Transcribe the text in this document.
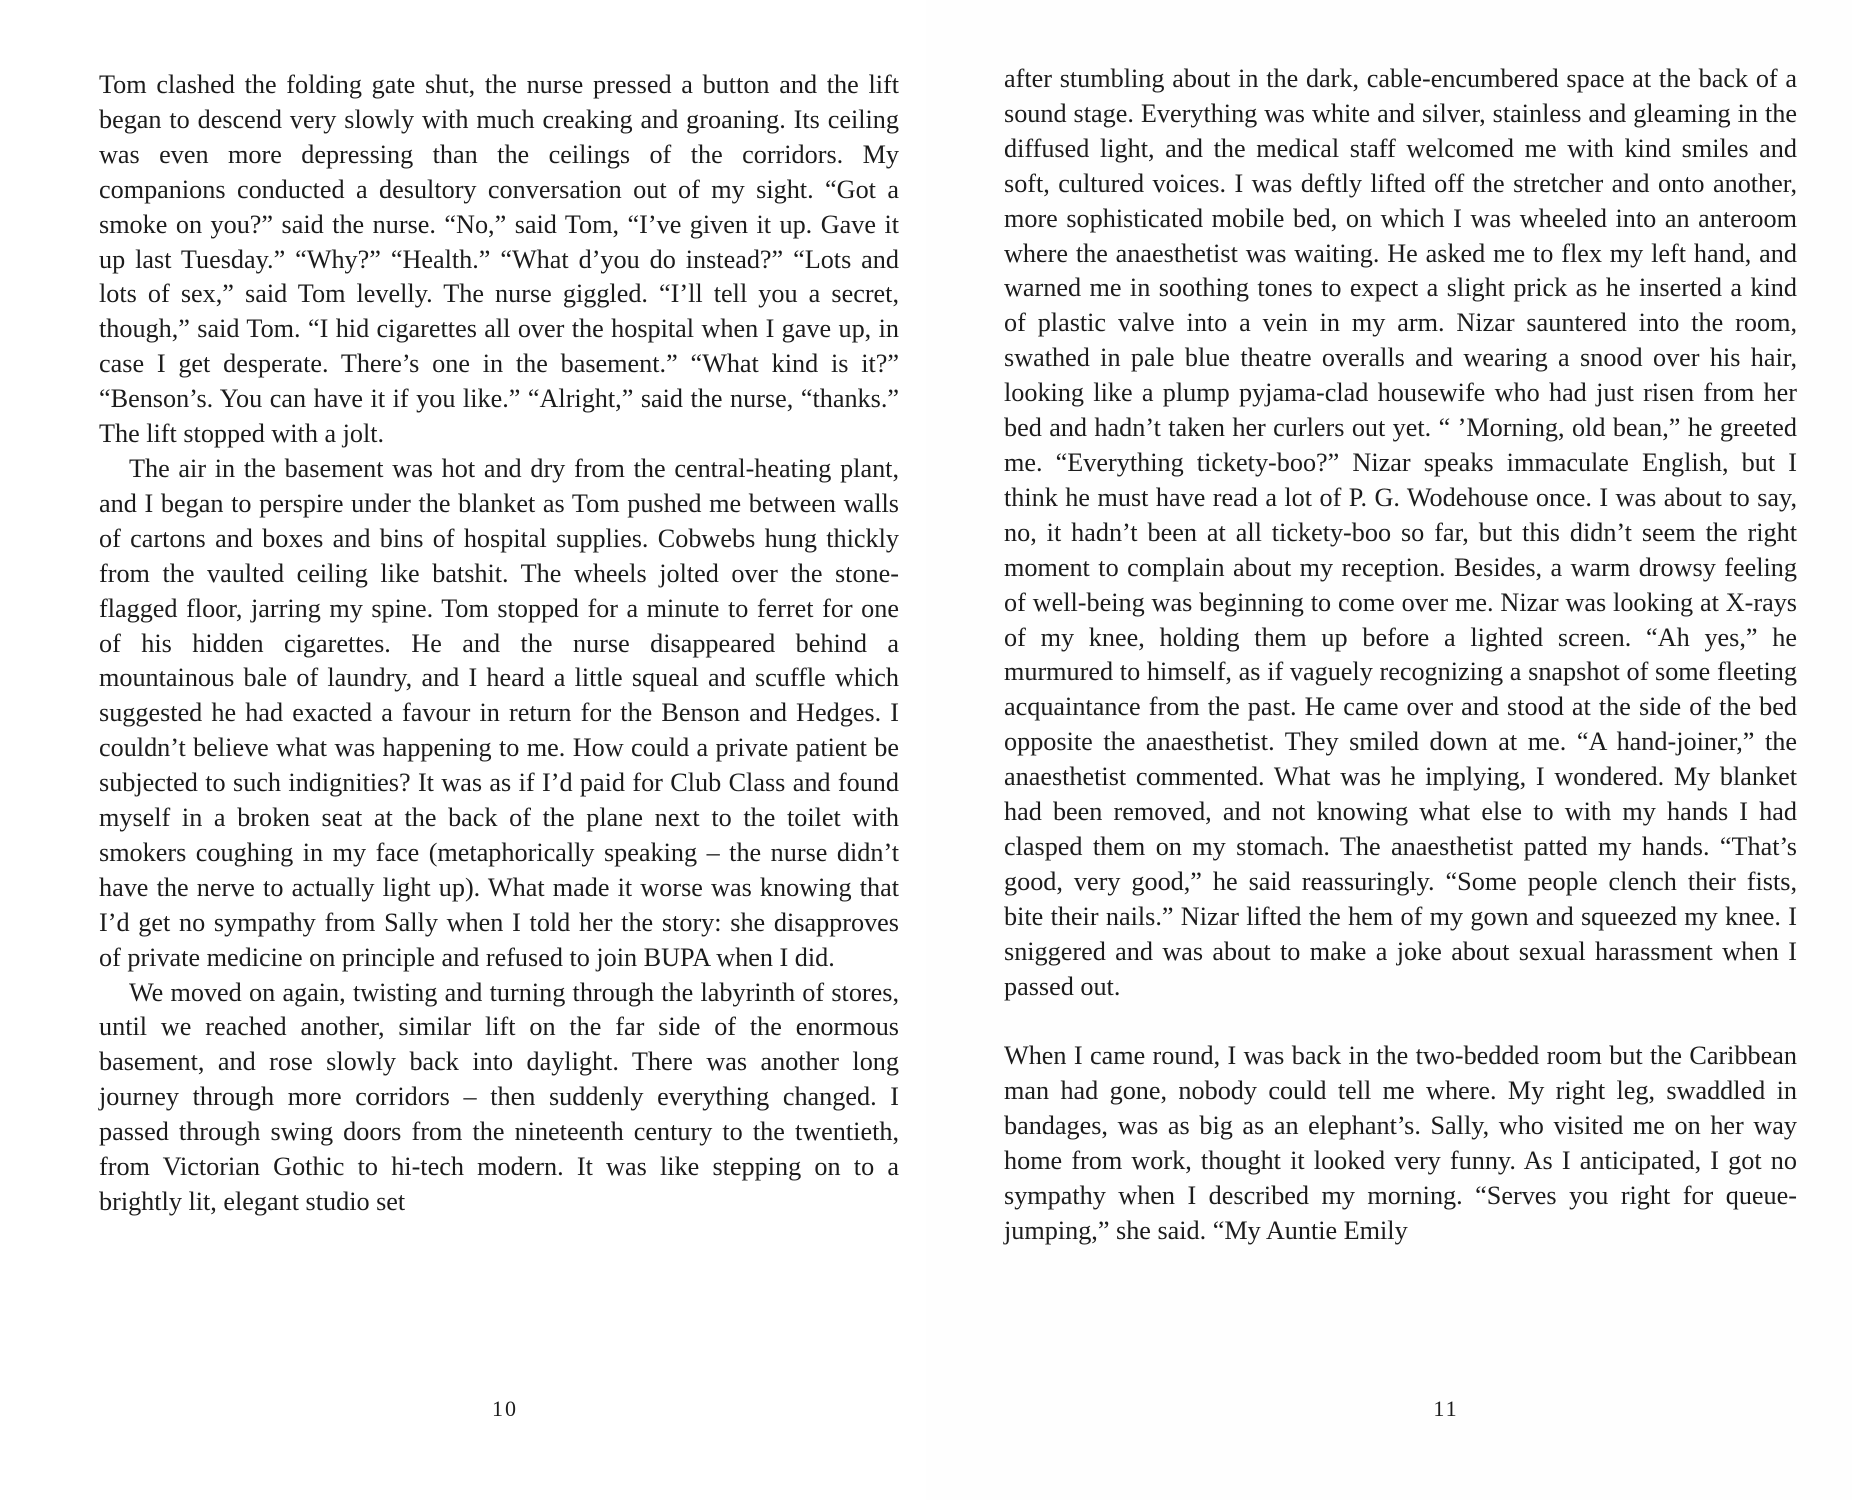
Tom clashed the folding gate shut, the nurse pressed a button and the lift began to descend very slowly with much creaking and groaning. Its ceiling was even more depressing than the ceilings of the corridors. My companions conducted a desultory conversation out of my sight. “Got a smoke on you?” said the nurse. “No,” said Tom, “I’ve given it up. Gave it up last Tuesday.” “Why?” “Health.” “What d’you do instead?” “Lots and lots of sex,” said Tom levelly. The nurse giggled. “I’ll tell you a secret, though,” said Tom. “I hid cigarettes all over the hospital when I gave up, in case I get desperate. There’s one in the basement.” “What kind is it?” “Benson’s. You can have it if you like.” “Alright,” said the nurse, “thanks.” The lift stopped with a jolt.

The air in the basement was hot and dry from the central-heating plant, and I began to perspire under the blanket as Tom pushed me between walls of cartons and boxes and bins of hospital supplies. Cobwebs hung thickly from the vaulted ceiling like batshit. The wheels jolted over the stone-flagged floor, jarring my spine. Tom stopped for a minute to ferret for one of his hidden cigarettes. He and the nurse disappeared behind a mountainous bale of laundry, and I heard a little squeal and scuffle which suggested he had exacted a favour in return for the Benson and Hedges. I couldn’t believe what was happening to me. How could a private patient be subjected to such indignities? It was as if I’d paid for Club Class and found myself in a broken seat at the back of the plane next to the toilet with smokers coughing in my face (metaphorically speaking – the nurse didn’t have the nerve to actually light up). What made it worse was knowing that I’d get no sympathy from Sally when I told her the story: she disapproves of private medicine on principle and refused to join BUPA when I did.

We moved on again, twisting and turning through the labyrinth of stores, until we reached another, similar lift on the far side of the enormous basement, and rose slowly back into daylight. There was another long journey through more corridors – then suddenly everything changed. I passed through swing doors from the nineteenth century to the twentieth, from Victorian Gothic to hi-tech modern. It was like stepping on to a brightly lit, elegant studio set

10

after stumbling about in the dark, cable-encumbered space at the back of a sound stage. Everything was white and silver, stainless and gleaming in the diffused light, and the medical staff welcomed me with kind smiles and soft, cultured voices. I was deftly lifted off the stretcher and onto another, more sophisticated mobile bed, on which I was wheeled into an anteroom where the anaesthetist was waiting. He asked me to flex my left hand, and warned me in soothing tones to expect a slight prick as he inserted a kind of plastic valve into a vein in my arm. Nizar sauntered into the room, swathed in pale blue theatre overalls and wearing a snood over his hair, looking like a plump pyjama-clad housewife who had just risen from her bed and hadn’t taken her curlers out yet. “ ’Morning, old bean,” he greeted me. “Everything tickety-boo?” Nizar speaks immaculate English, but I think he must have read a lot of P. G. Wodehouse once. I was about to say, no, it hadn’t been at all tickety-boo so far, but this didn’t seem the right moment to complain about my reception. Besides, a warm drowsy feeling of well-being was beginning to come over me. Nizar was looking at X-rays of my knee, holding them up before a lighted screen. “Ah yes,” he murmured to himself, as if vaguely recognizing a snapshot of some fleeting acquaintance from the past. He came over and stood at the side of the bed opposite the anaesthetist. They smiled down at me. “A hand-joiner,” the anaesthetist commented. What was he implying, I wondered. My blanket had been removed, and not knowing what else to with my hands I had clasped them on my stomach. The anaesthetist patted my hands. “That’s good, very good,” he said reassuringly. “Some people clench their fists, bite their nails.” Nizar lifted the hem of my gown and squeezed my knee. I sniggered and was about to make a joke about sexual harassment when I passed out.

When I came round, I was back in the two-bedded room but the Caribbean man had gone, nobody could tell me where. My right leg, swaddled in bandages, was as big as an elephant’s. Sally, who visited me on her way home from work, thought it looked very funny. As I anticipated, I got no sympathy when I described my morning. “Serves you right for queue-jumping,” she said. “My Auntie Emily

11
